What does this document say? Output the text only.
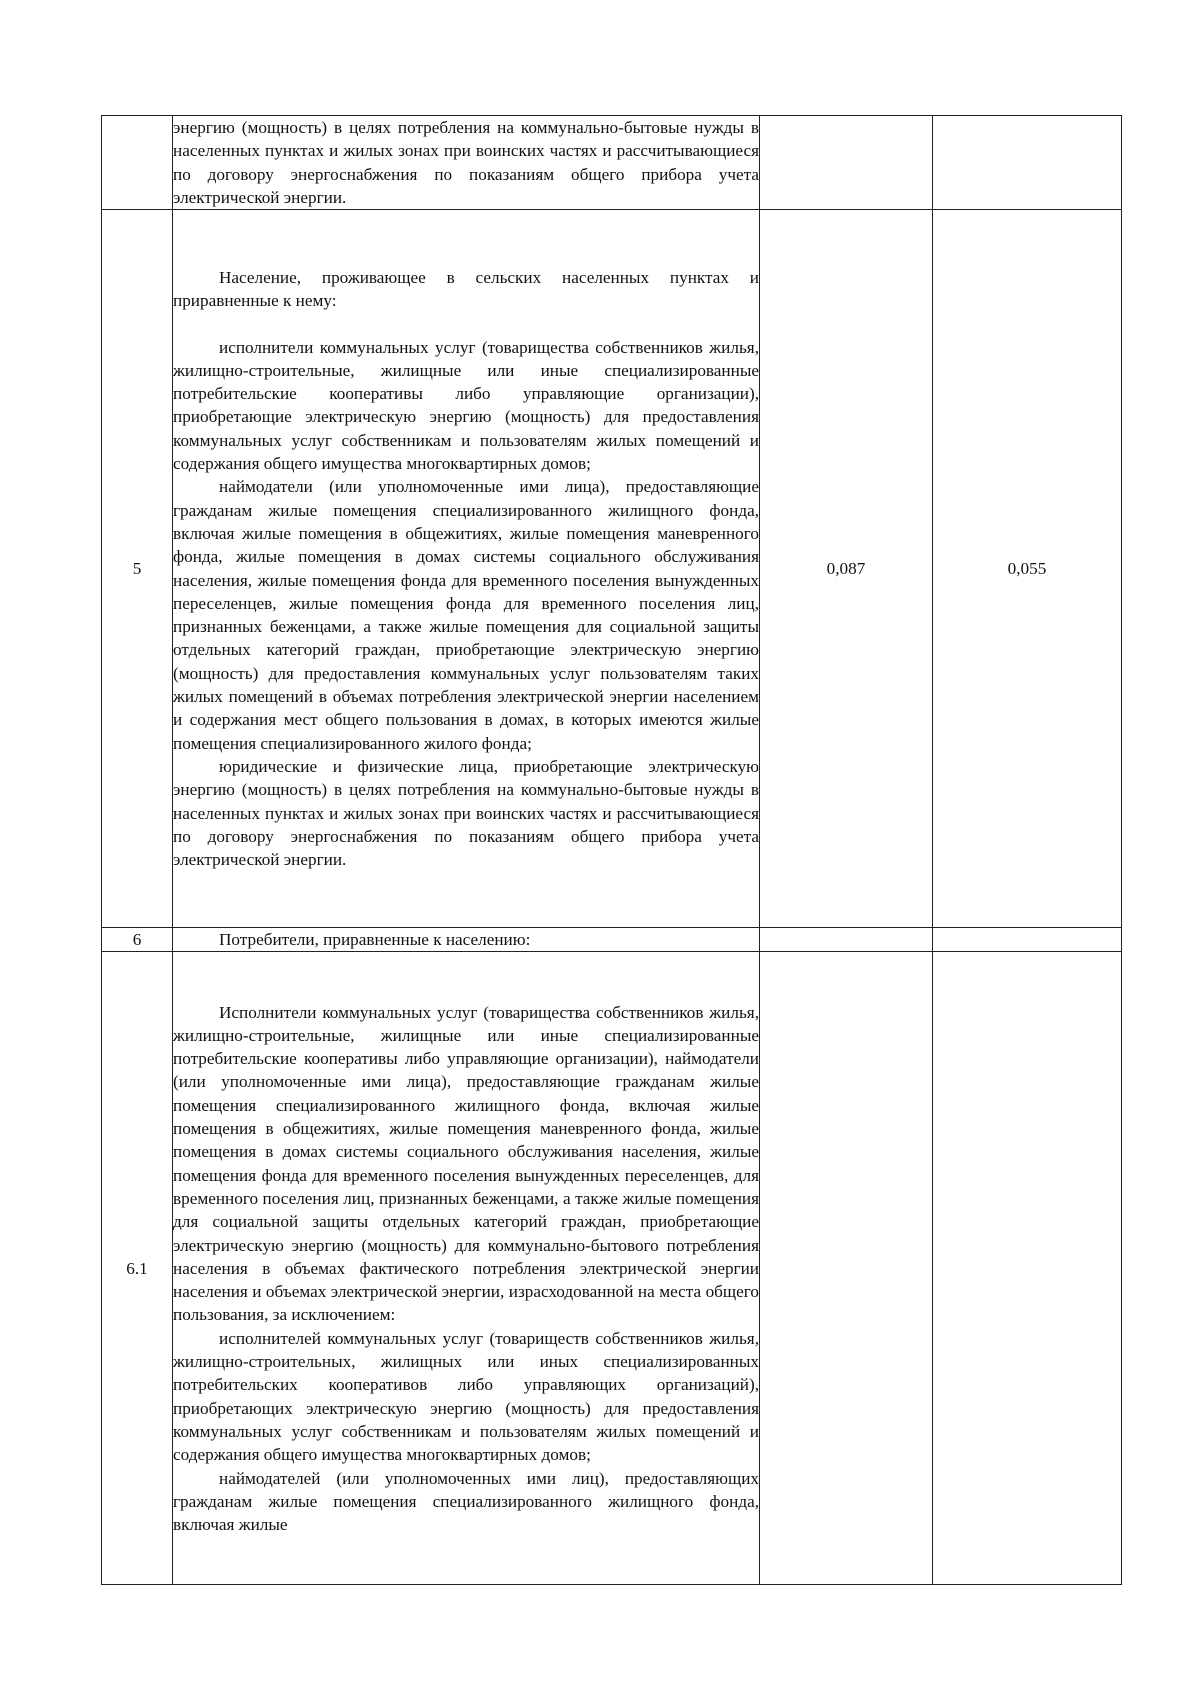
	энергию (мощность) в целях потребления на коммунально-бытовые нужды в населенных пунктах и жилых зонах при воинских частях и рассчитывающиеся по договору энергоснабжения по показаниям общего прибора учета электрической энергии.		

5	Население, проживающее в сельских населенных пунктах и приравненные к нему:

исполнители коммунальных услуг (товарищества собственников жилья, жилищно-строительные, жилищные или иные специализированные потребительские кооперативы либо управляющие организации), приобретающие электрическую энергию (мощность) для предоставления коммунальных услуг собственникам и пользователям жилых помещений и содержания общего имущества многоквартирных домов;

наймодатели (или уполномоченные ими лица), предоставляющие гражданам жилые помещения специализированного жилищного фонда, включая жилые помещения в общежитиях, жилые помещения маневренного фонда, жилые помещения в домах системы социального обслуживания населения, жилые помещения фонда для временного поселения вынужденных переселенцев, жилые помещения фонда для временного поселения лиц, признанных беженцами, а также жилые помещения для социальной защиты отдельных категорий граждан, приобретающие электрическую энергию (мощность) для предоставления коммунальных услуг пользователям таких жилых помещений в объемах потребления электрической энергии населением и содержания мест общего пользования в домах, в которых имеются жилые помещения специализированного жилого фонда;

юридические и физические лица, приобретающие электрическую энергию (мощность) в целях потребления на коммунально-бытовые нужды в населенных пунктах и жилых зонах при воинских частях и рассчитывающиеся по договору энергоснабжения по показаниям общего прибора учета электрической энергии.	0,087	0,055
6	Потребители, приравненные к населению:		

6.1	Исполнители коммунальных услуг (товарищества собственников жилья, жилищно-строительные, жилищные или иные специализированные потребительские кооперативы либо управляющие организации), наймодатели (или уполномоченные ими лица), предоставляющие гражданам жилые помещения специализированного жилищного фонда, включая жилые помещения в общежитиях, жилые помещения маневренного фонда, жилые помещения в домах системы социального обслуживания населения, жилые помещения фонда для временного поселения вынужденных переселенцев, для временного поселения лиц, признанных беженцами, а также жилые помещения для социальной защиты отдельных категорий граждан, приобретающие электрическую энергию (мощность) для коммунально-бытового потребления населения в объемах фактического потребления электрической энергии населения и объемах электрической энергии, израсходованной на места общего пользования, за исключением:

исполнителей коммунальных услуг (товариществ собственников жилья, жилищно-строительных, жилищных или иных специализированных потребительских кооперативов либо управляющих организаций), приобретающих электрическую энергию (мощность) для предоставления коммунальных услуг собственникам и пользователям жилых помещений и содержания общего имущества многоквартирных домов;

наймодателей (или уполномоченных ими лиц), предоставляющих гражданам жилые помещения специализированного жилищного фонда, включая жилые		
